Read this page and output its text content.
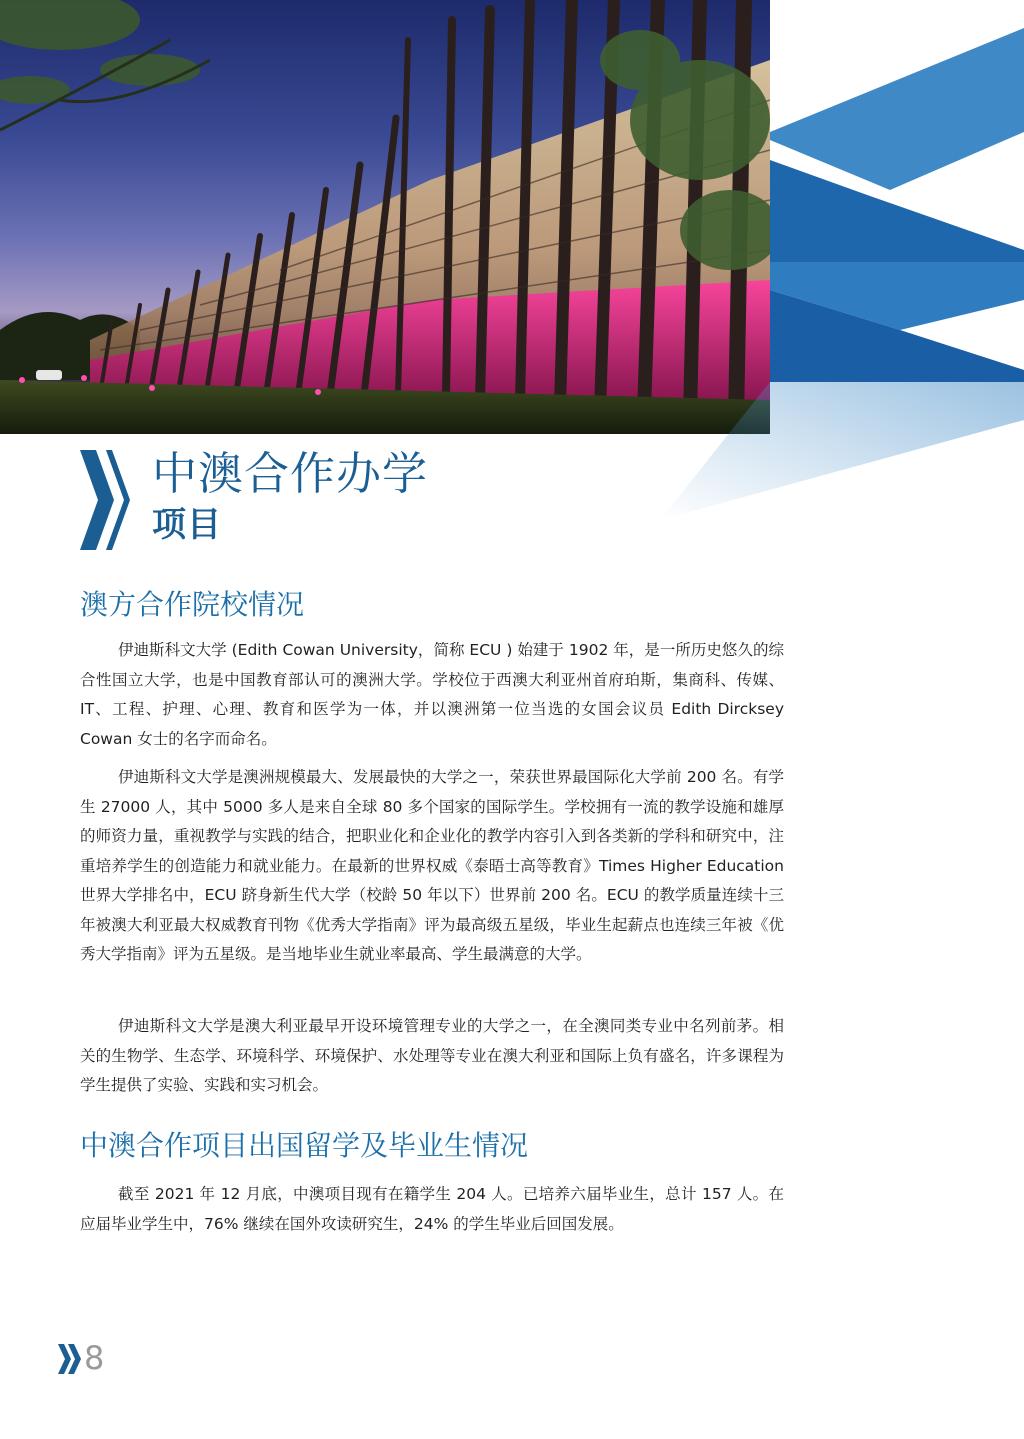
中澳合作办学
项目
澳方合作院校情况

伊迪斯科文大学 (Edith Cowan University，简称 ECU ) 始建于 1902 年，是一所历史悠久的综合性国立大学，也是中国教育部认可的澳洲大学。学校位于西澳大利亚州首府珀斯，集商科、传媒、IT、工程、护理、心理、教育和医学为一体，并以澳洲第一位当选的女国会议员 Edith Dircksey Cowan 女士的名字而命名。

伊迪斯科文大学是澳洲规模最大、发展最快的大学之一，荣获世界最国际化大学前 200 名。有学生 27000 人，其中 5000 多人是来自全球 80 多个国家的国际学生。学校拥有一流的教学设施和雄厚的师资力量，重视教学与实践的结合，把职业化和企业化的教学内容引入到各类新的学科和研究中，注重培养学生的创造能力和就业能力。在最新的世界权威《泰晤士高等教育》Times Higher Education 世界大学排名中，ECU 跻身新生代大学（校龄 50 年以下）世界前 200 名。ECU 的教学质量连续十三年被澳大利亚最大权威教育刊物《优秀大学指南》评为最高级五星级，毕业生起薪点也连续三年被《优秀大学指南》评为五星级。是当地毕业生就业率最高、学生最满意的大学。

伊迪斯科文大学是澳大利亚最早开设环境管理专业的大学之一，在全澳同类专业中名列前茅。相关的生物学、生态学、环境科学、环境保护、水处理等专业在澳大利亚和国际上负有盛名，许多课程为学生提供了实验、实践和实习机会。

中澳合作项目出国留学及毕业生情况

截至 2021 年 12 月底，中澳项目现有在籍学生 204 人。已培养六届毕业生，总计 157 人。在应届毕业学生中，76% 继续在国外攻读研究生，24% 的学生毕业后回国发展。

8
